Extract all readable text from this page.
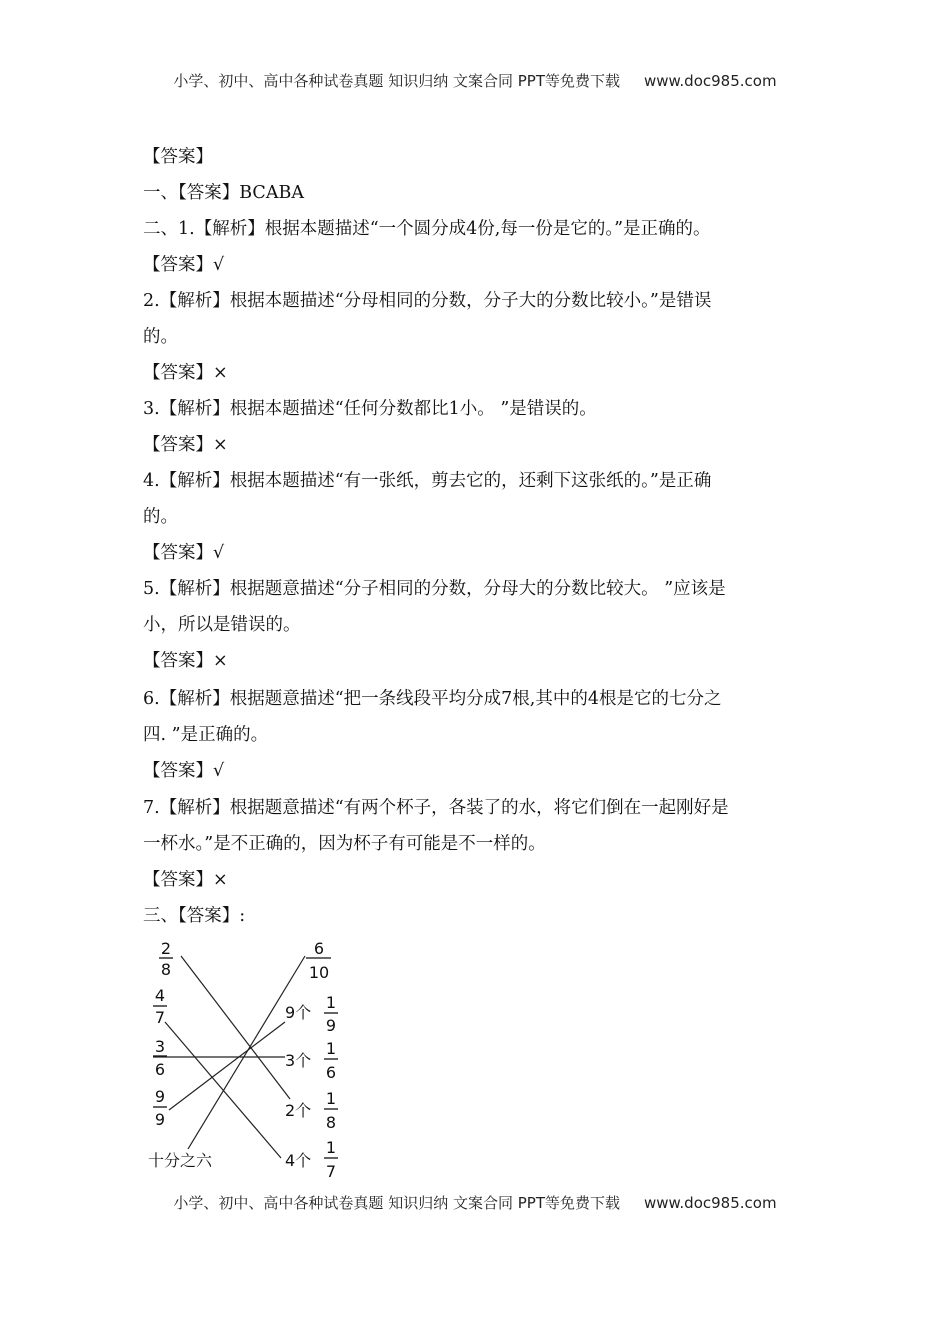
小学、初中、高中各种试卷真题 知识归纳 文案合同 PPT等免费下载 www.doc985.com
【答案】
一、【答案】BCABA
二、1.【解析】根据本题描述“一个圆分成4份,每一份是它的。”是正确的。
【答案】√
2.【解析】根据本题描述“分母相同的分数，分子大的分数比较小。”是错误
的。
【答案】×
3.【解析】根据本题描述“任何分数都比1小。 ”是错误的。
【答案】×
4.【解析】根据本题描述“有一张纸，剪去它的，还剩下这张纸的。”是正确
的。
【答案】√
5.【解析】根据题意描述“分子相同的分数，分母大的分数比较大。 ”应该是
小，所以是错误的。
【答案】×
6.【解析】根据题意描述“把一条线段平均分成7根,其中的4根是它的七分之
四. ”是正确的。
【答案】√
7.【解析】根据题意描述“有两个杯子，各装了的水，将它们倒在一起刚好是
一杯水。”是不正确的，因为杯子有可能是不一样的。
【答案】×
三、【答案】:
2
8
4
7
3
6
9
9
十分之六
6
10
9个
1
9
3个
1
6
2个
1
8
4个
1
7
小学、初中、高中各种试卷真题 知识归纳 文案合同 PPT等免费下载 www.doc985.com
